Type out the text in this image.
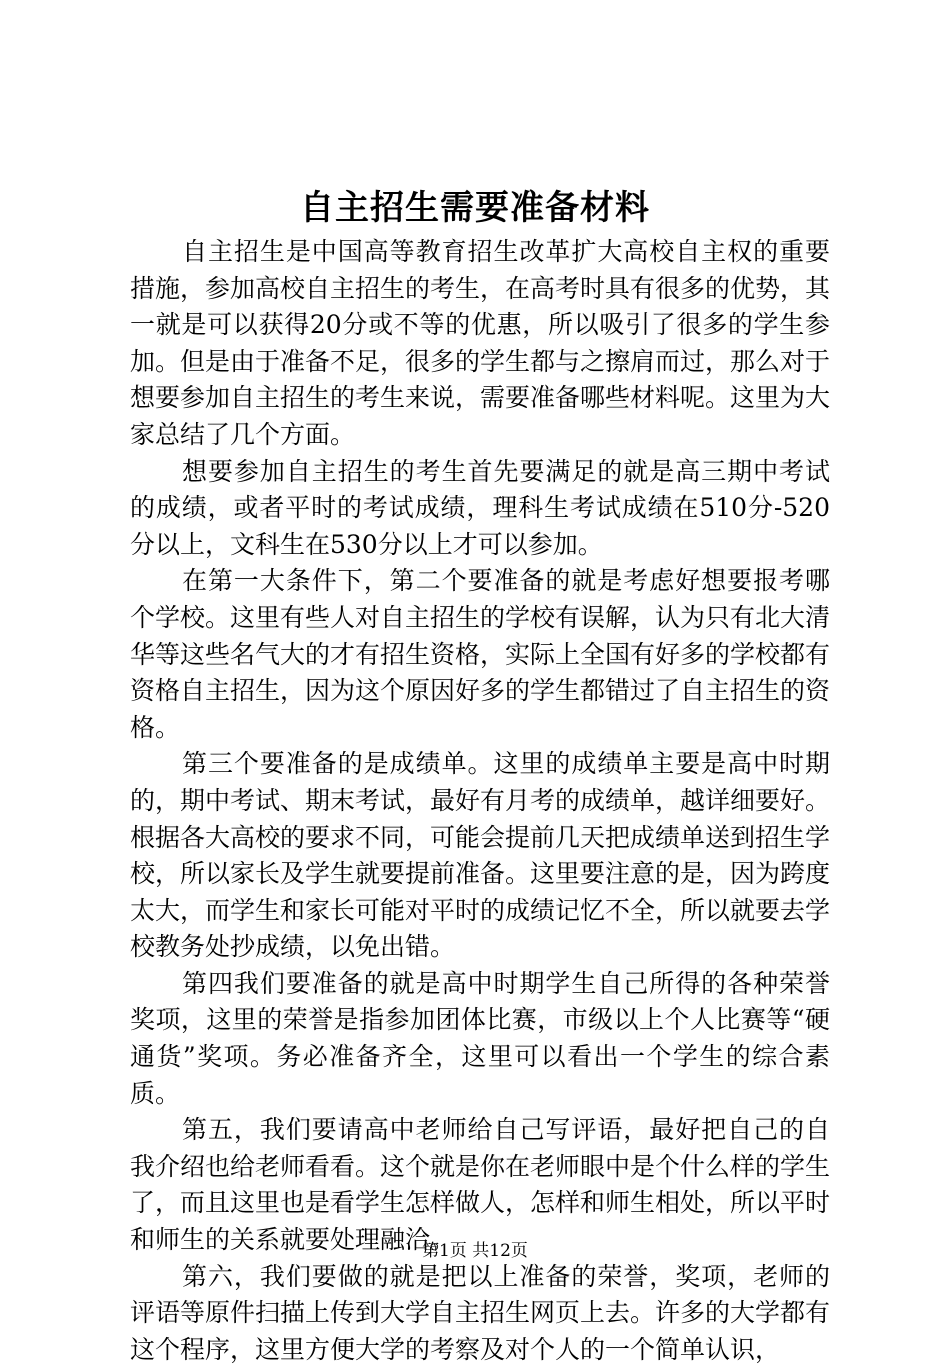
自主招生需要准备材料

自主招生是中国高等教育招生改革扩大高校自主权的重要措施，参加高校自主招生的考生，在高考时具有很多的优势，其一就是可以获得20分或不等的优惠，所以吸引了很多的学生参加。但是由于准备不足，很多的学生都与之擦肩而过，那么对于想要参加自主招生的考生来说，需要准备哪些材料呢。这里为大家总结了几个方面。

想要参加自主招生的考生首先要满足的就是高三期中考试的成绩，或者平时的考试成绩，理科生考试成绩在510分-520分以上，文科生在530分以上才可以参加。

在第一大条件下，第二个要准备的就是考虑好想要报考哪个学校。这里有些人对自主招生的学校有误解，认为只有北大清华等这些名气大的才有招生资格，实际上全国有好多的学校都有资格自主招生，因为这个原因好多的学生都错过了自主招生的资格。

第三个要准备的是成绩单。这里的成绩单主要是高中时期的，期中考试、期末考试，最好有月考的成绩单，越详细要好。根据各大高校的要求不同，可能会提前几天把成绩单送到招生学校，所以家长及学生就要提前准备。这里要注意的是，因为跨度太大，而学生和家长可能对平时的成绩记忆不全，所以就要去学校教务处抄成绩，以免出错。

第四我们要准备的就是高中时期学生自己所得的各种荣誉奖项，这里的荣誉是指参加团体比赛，市级以上个人比赛等“硬通货”奖项。务必准备齐全，这里可以看出一个学生的综合素质。

第五，我们要请高中老师给自己写评语，最好把自己的自我介绍也给老师看看。这个就是你在老师眼中是个什么样的学生了，而且这里也是看学生怎样做人，怎样和师生相处，所以平时和师生的关系就要处理融洽。

第六，我们要做的就是把以上准备的荣誉，奖项，老师的评语等原件扫描上传到大学自主招生网页上去。许多的大学都有这个程序，这里方便大学的考察及对个人的一个简单认识，

第1页 共12页
